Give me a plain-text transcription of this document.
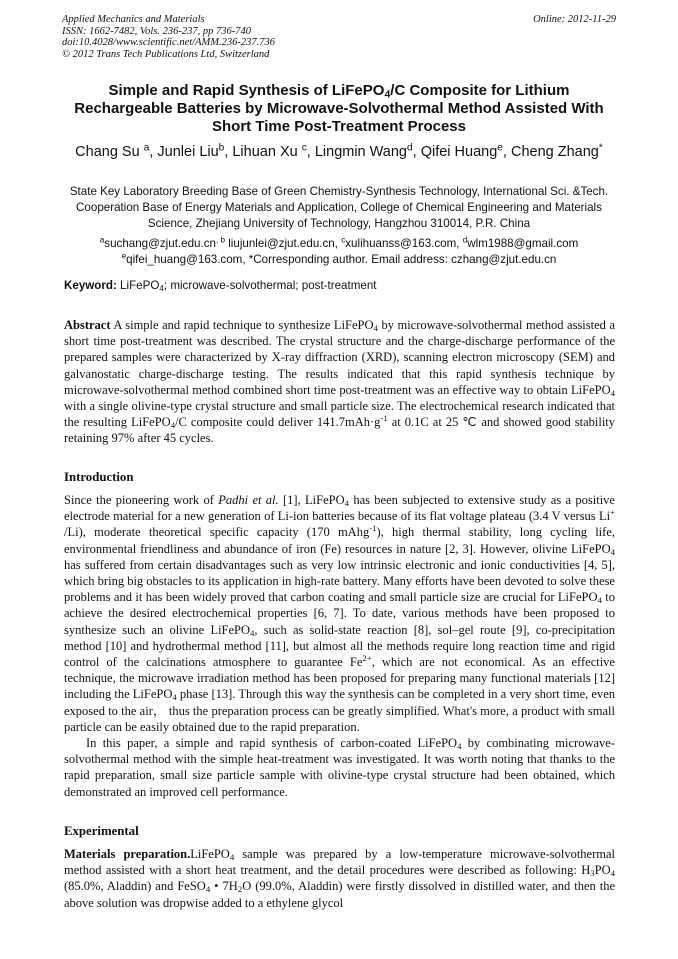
Applied Mechanics and Materials
ISSN: 1662-7482, Vols. 236-237, pp 736-740
doi:10.4028/www.scientific.net/AMM.236-237.736
© 2012 Trans Tech Publications Ltd, Switzerland
Online: 2012-11-29
Simple and Rapid Synthesis of LiFePO$_4$/C Composite for Lithium Rechargeable Batteries by Microwave-Solvothermal Method Assisted With Short Time Post-Treatment Process
Chang Su $^a$, Junlei Liu$^b$, Lihuan Xu $^c$, Lingmin Wang$^d$, Qifei Huang$^e$, Cheng Zhang*
State Key Laboratory Breeding Base of Green Chemistry-Synthesis Technology, International Sci. &Tech. Cooperation Base of Energy Materials and Application, College of Chemical Engineering and Materials Science, Zhejiang University of Technology, Hangzhou 310014, P.R. China
$^asuchang@zjut.edu.cn^{, b}$ liujunlei@zjut.edu.cn, $^c$xulihuanss@163.com, $^d$wlm1988@gmail.com
$^e$qifei_huang@163.com, *Corresponding author. Email address: czhang@zjut.edu.cn
Keyword: LiFePO$_4$; microwave-solvothermal; post-treatment
Abstract A simple and rapid technique to synthesize LiFePO$_4$ by microwave-solvothermal method assisted a short time post-treatment was described. The crystal structure and the charge-discharge performance of the prepared samples were characterized by X-ray diffraction (XRD), scanning electron microscopy (SEM) and galvanostatic charge-discharge testing. The results indicated that this rapid synthesis technique by microwave-solvothermal method combined short time post-treatment was an effective way to obtain LiFePO$_4$ with a single olivine-type crystal structure and small particle size. The electrochemical research indicated that the resulting LiFePO$_4$/C composite could deliver $141.7mAh\cdot g^{-1}$ at 0.1C at 25 ℃ and showed good stability retaining 97% after 45 cycles.
Introduction

Since the pioneering work of Padhi et al. [1], LiFePO$_4$ has been subjected to extensive study as a positive electrode material for a new generation of Li-ion batteries because of its flat voltage plateau (3.4 V versus Li+ /Li), moderate theoretical specific capacity (170 mAhg$^{-1}$), high thermal stability, long cycling life, environmental friendliness and abundance of iron (Fe) resources in nature [2, 3]. However, olivine LiFePO$_4$ has suffered from certain disadvantages such as very low intrinsic electronic and ionic conductivities [4, 5], which bring big obstacles to its application in high-rate battery. Many efforts have been devoted to solve these problems and it has been widely proved that carbon coating and small particle size are crucial for LiFePO$_4$ to achieve the desired electrochemical properties [6, 7]. To date, various methods have been proposed to synthesize such an olivine LiFePO$_4$, such as solid-state reaction [8], sol–gel route [9], co-precipitation method [10] and hydrothermal method [11], but almost all the methods require long reaction time and rigid control of the calcinations atmosphere to guarantee $Fe^{2+}$, which are not economical. As an effective technique, the microwave irradiation method has been proposed for preparing many functional materials [12] including the LiFePO$_4$ phase [13]. Through this way the synthesis can be completed in a very short time, even exposed to the air， thus the preparation process can be greatly simplified. What's more, a product with small particle can be easily obtained due to the rapid preparation.

In this paper, a simple and rapid synthesis of carbon-coated LiFePO$_4$ by combinating microwave-solvothermal method with the simple heat-treatment was investigated. It was worth noting that thanks to the rapid preparation, small size particle sample with olivine-type crystal structure had been obtained, which demonstrated an improved cell performance.

Experimental

Materials preparation.LiFePO$_4$ sample was prepared by a low-temperature microwave-solvothermal method assisted with a short heat treatment, and the detail procedures were described as following: $H_3PO_4$ (85.0%, Aladdin) and FeSO$_4$ • $7H_2O$ (99.0%, Aladdin) were firstly dissolved in distilled water, and then the above solution was dropwise added to a ethylene glycol
